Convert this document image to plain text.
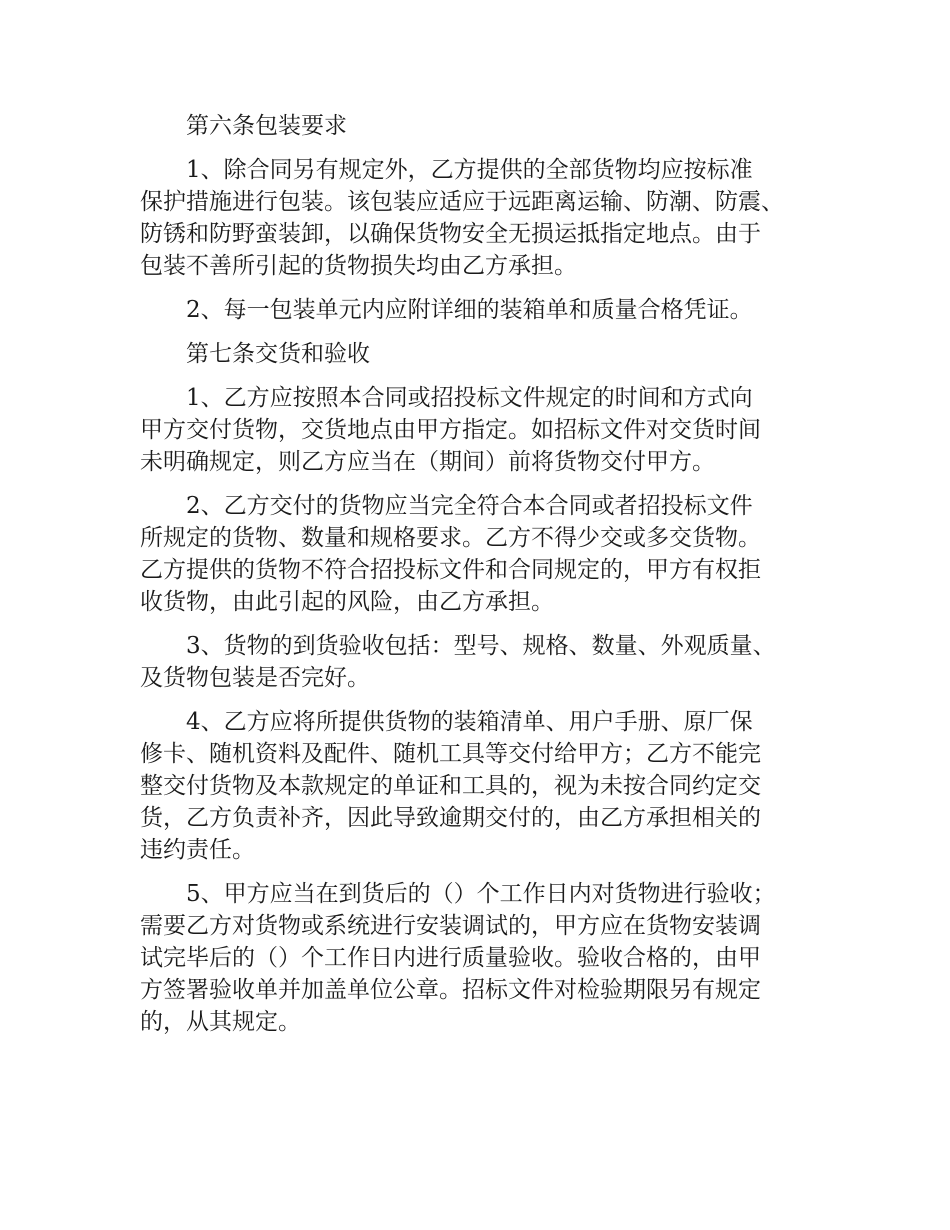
第六条包装要求

1、除合同另有规定外，乙方提供的全部货物均应按标准
保护措施进行包装。该包装应适应于远距离运输、防潮、防震、
防锈和防野蛮装卸，以确保货物安全无损运抵指定地点。由于
包装不善所引起的货物损失均由乙方承担。

2、每一包装单元内应附详细的装箱单和质量合格凭证。

第七条交货和验收

1、乙方应按照本合同或招投标文件规定的时间和方式向
甲方交付货物，交货地点由甲方指定。如招标文件对交货时间
未明确规定，则乙方应当在（期间）前将货物交付甲方。

2、乙方交付的货物应当完全符合本合同或者招投标文件
所规定的货物、数量和规格要求。乙方不得少交或多交货物。
乙方提供的货物不符合招投标文件和合同规定的，甲方有权拒
收货物，由此引起的风险，由乙方承担。

3、货物的到货验收包括：型号、规格、数量、外观质量、
及货物包装是否完好。

4、乙方应将所提供货物的装箱清单、用户手册、原厂保
修卡、随机资料及配件、随机工具等交付给甲方；乙方不能完
整交付货物及本款规定的单证和工具的，视为未按合同约定交
货，乙方负责补齐，因此导致逾期交付的，由乙方承担相关的
违约责任。

5、甲方应当在到货后的（）个工作日内对货物进行验收；
需要乙方对货物或系统进行安装调试的，甲方应在货物安装调
试完毕后的（）个工作日内进行质量验收。验收合格的，由甲
方签署验收单并加盖单位公章。招标文件对检验期限另有规定
的，从其规定。
